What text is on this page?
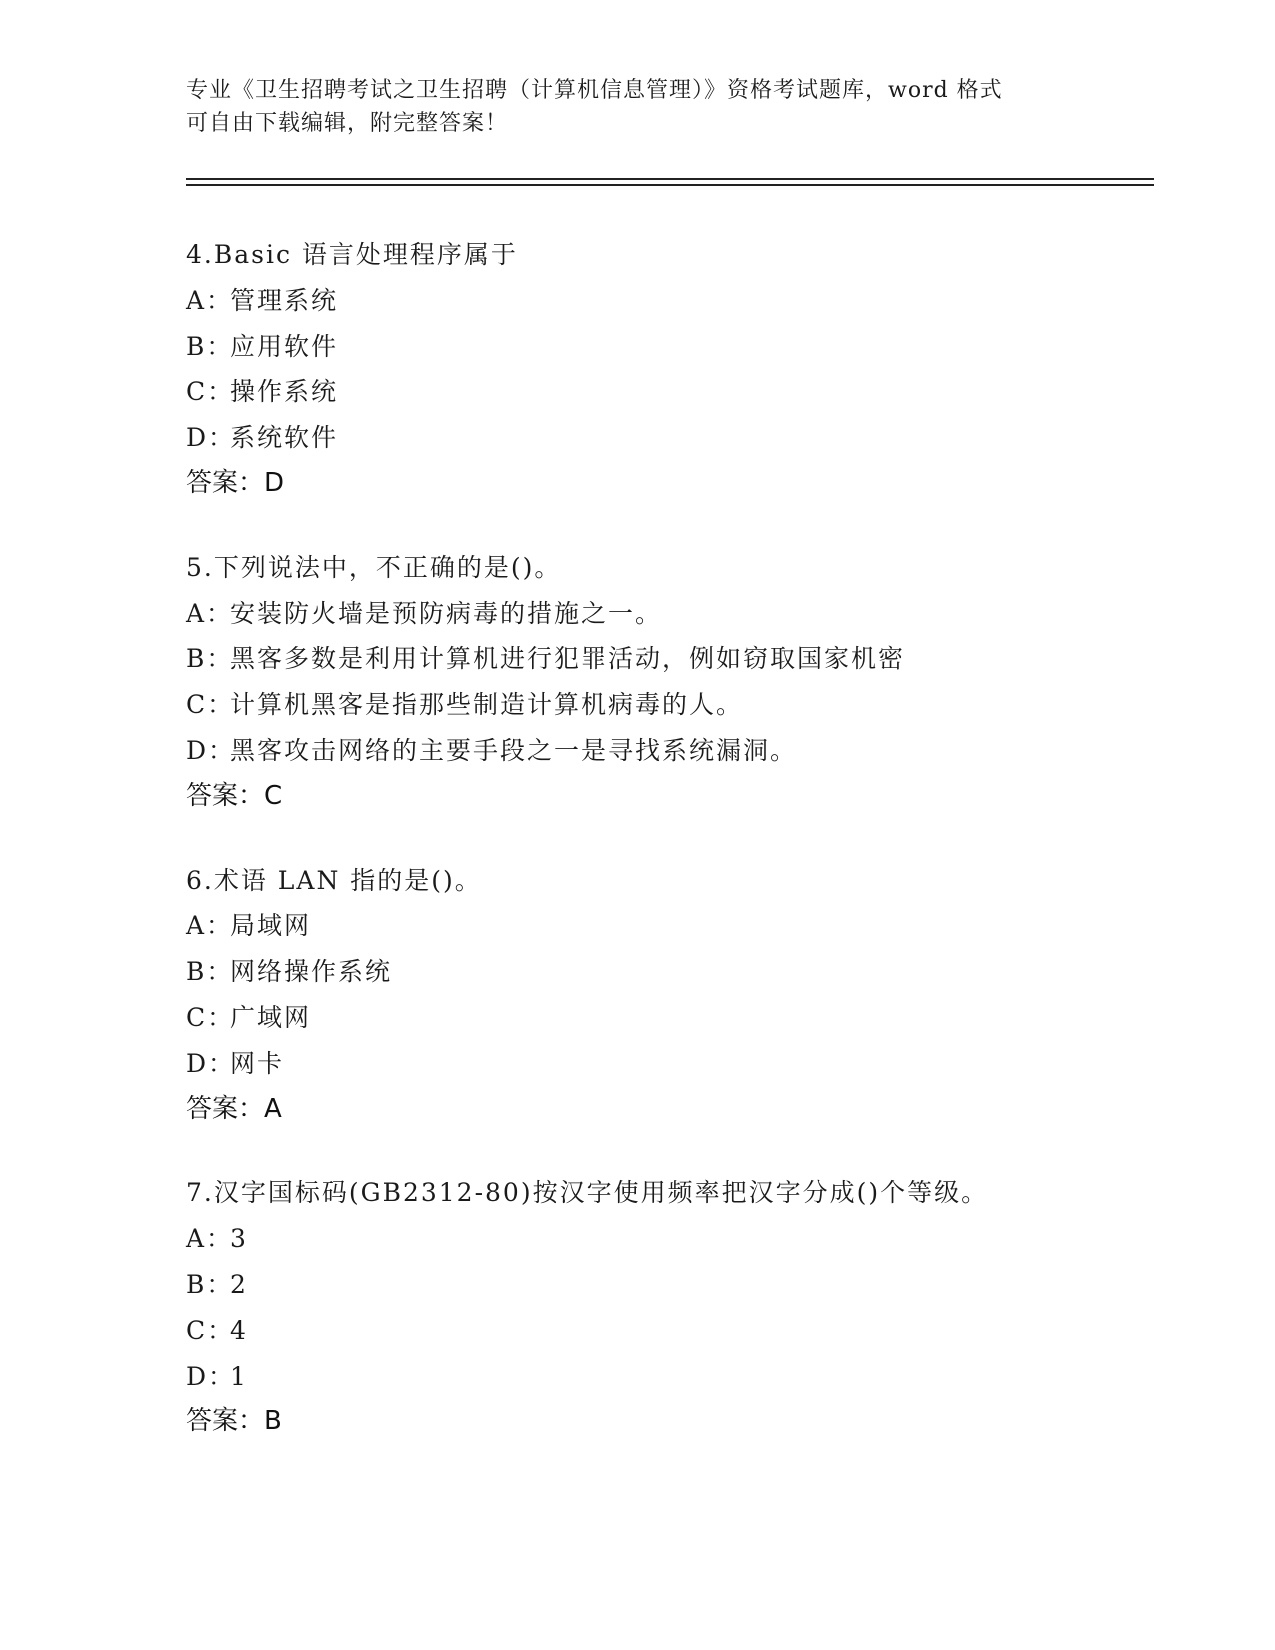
专业《卫生招聘考试之卫生招聘（计算机信息管理）》资格考试题库，word 格式
可自由下载编辑，附完整答案！
4.Basic 语言处理程序属于
A：管理系统
B：应用软件
C：操作系统
D：系统软件
答案：D
5.下列说法中，不正确的是()。
A：安装防火墙是预防病毒的措施之一。
B：黑客多数是利用计算机进行犯罪活动，例如窃取国家机密
C：计算机黑客是指那些制造计算机病毒的人。
D：黑客攻击网络的主要手段之一是寻找系统漏洞。
答案：C
6.术语 LAN 指的是()。
A：局域网
B：网络操作系统
C：广域网
D：网卡
答案：A
7.汉字国标码(GB2312-80)按汉字使用频率把汉字分成()个等级。
A：3
B：2
C：4
D：1
答案：B
